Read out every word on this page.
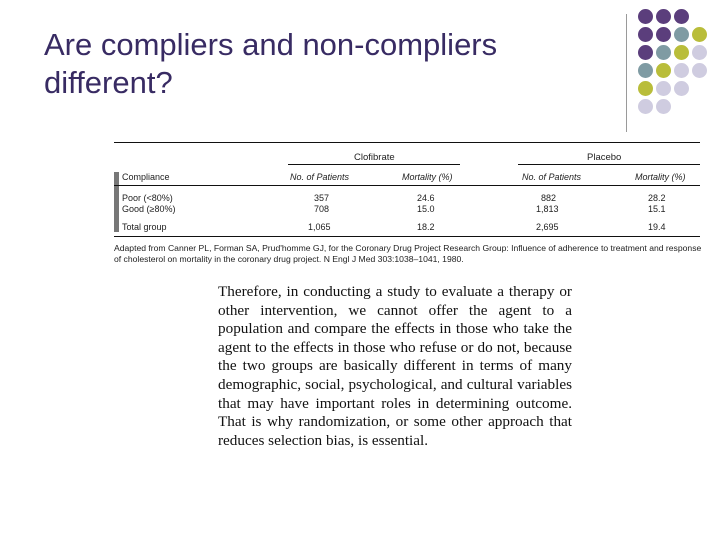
Are compliers and non-compliers different?
Clofibrate	Placebo
Compliance	No. of Patients	Mortality (%)	No. of Patients	Mortality (%)
Poor (<80%)	357	24.6	882	28.2
Good (≥80%)	708	15.0	1,813	15.1
Total group	1,065	18.2	2,695	19.4
Adapted from Canner PL, Forman SA, Prud'homme GJ, for the Coronary Drug Project Research Group: Influence of adherence to treatment and response of cholesterol on mortality in the coronary drug project. N Engl J Med 303:1038–1041, 1980.
Therefore, in conducting a study to evaluate a therapy or other intervention, we cannot offer the agent to a population and compare the effects in those who take the agent to the effects in those who refuse or do not, because the two groups are basically different in terms of many demographic, social, psychological, and cultural variables that may have important roles in determining outcome. That is why randomization, or some other approach that reduces selection bias, is essential.
